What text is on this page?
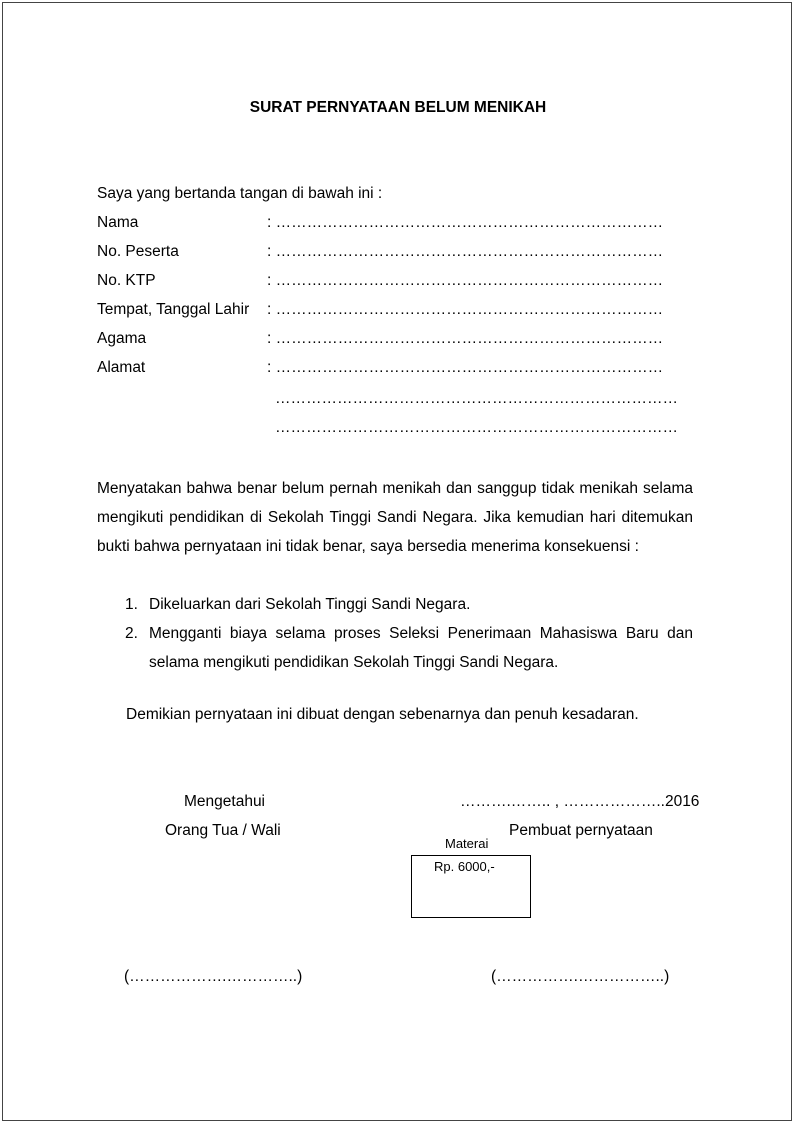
SURAT PERNYATAAN BELUM MENIKAH
Saya yang bertanda tangan di bawah ini :
Nama	: …………………………………………………………………
No. Peserta	: …………………………………………………………………
No. KTP	: …………………………………………………………………
Tempat, Tanggal Lahir : …………………………………………………………………
Agama	: …………………………………………………………………
Alamat	: …………………………………………………………………
……………………………………………………………………
……………………………………………………………………
Menyatakan bahwa benar belum pernah menikah dan sanggup tidak menikah selama mengikuti pendidikan di Sekolah Tinggi Sandi Negara. Jika kemudian hari ditemukan bukti bahwa pernyataan ini tidak benar, saya bersedia menerima konsekuensi :
1. Dikeluarkan dari Sekolah Tinggi Sandi Negara.
2. Mengganti biaya selama proses Seleksi Penerimaan Mahasiswa Baru dan selama mengikuti pendidikan Sekolah Tinggi Sandi Negara.
Demikian pernyataan ini dibuat dengan sebenarnya dan penuh kesadaran.
Mengetahui
Orang Tua / Wali
(……………….…………..)
……….…….. , ………………..2016
Pembuat pernyataan
(…………….……………..)
Materai
Rp. 6000,-
